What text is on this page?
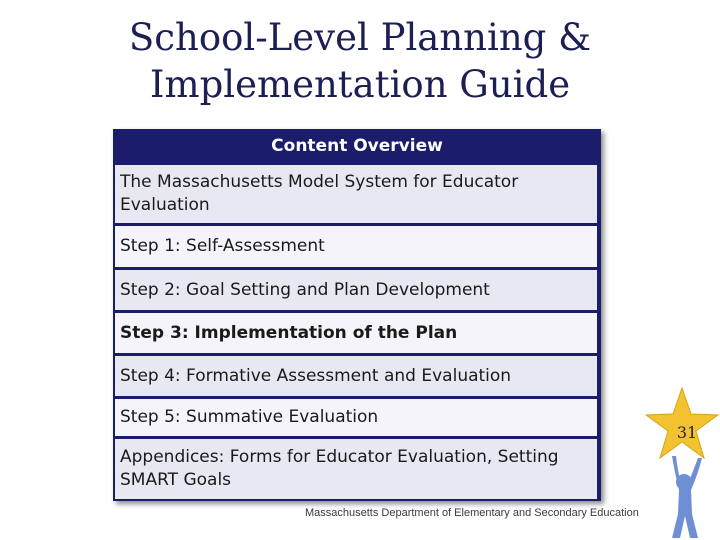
School-Level Planning &
Implementation Guide
Content Overview
The Massachusetts Model System for Educator Evaluation
Step 1: Self-Assessment
Step 2: Goal Setting and Plan Development
Step 3: Implementation of the Plan
Step 4: Formative Assessment and Evaluation
Step 5: Summative Evaluation
Appendices: Forms for Educator Evaluation, Setting SMART Goals
31
Massachusetts Department of Elementary and Secondary Education
